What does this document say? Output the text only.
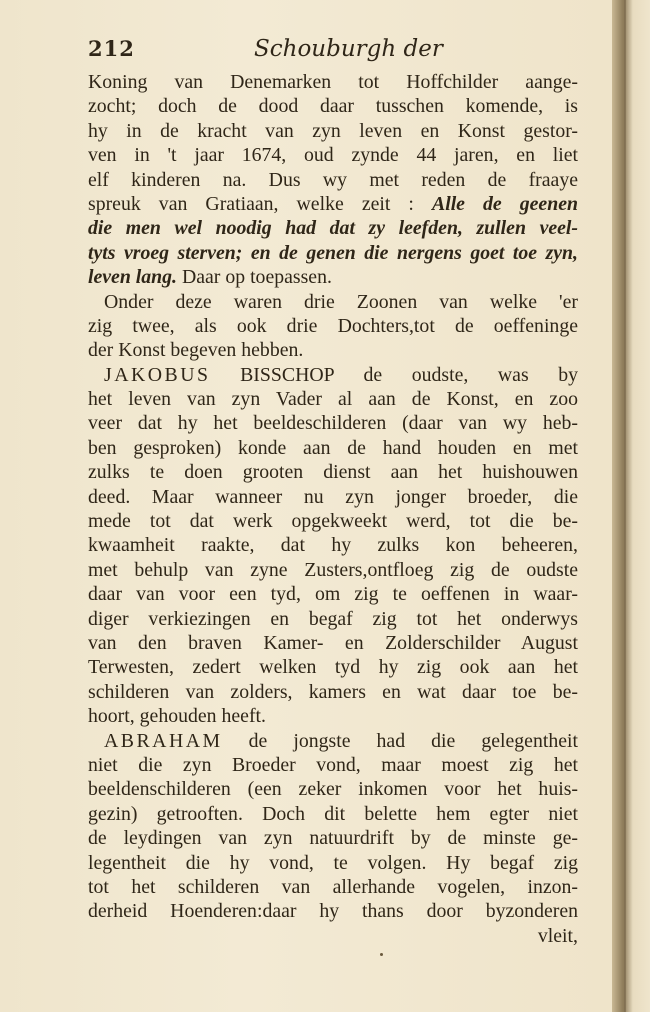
212	Schouburgh der
Koning van Denemarken tot Hoffchilder aange-
zocht; doch de dood daar tusschen komende, is
hy in de kracht van zyn leven en Konst gestor-
ven in 't jaar 1674, oud zynde 44 jaren, en liet
elf kinderen na. Dus wy met reden de fraaye
spreuk van Gratiaan, welke zeit : Alle de geenen
die men wel noodig had dat zy leefden, zullen veel-
tyts vroeg sterven; en de genen die nergens goet toe zyn,
leven lang. Daar op toepassen.
Onder deze waren drie Zoonen van welke 'er
zig twee, als ook drie Dochters,tot de oeffeninge
der Konst begeven hebben.
JAKOBUS BISSCHOP de oudste, was by
het leven van zyn Vader al aan de Konst, en zoo
veer dat hy het beeldeschilderen (daar van wy heb-
ben gesproken) konde aan de hand houden en met
zulks te doen grooten dienst aan het huishouwen
deed. Maar wanneer nu zyn jonger broeder, die
mede tot dat werk opgekweekt werd, tot die be-
kwaamheit raakte, dat hy zulks kon beheeren,
met behulp van zyne Zusters,ontfloeg zig de oudste
daar van voor een tyd, om zig te oeffenen in waar-
diger verkiezingen en begaf zig tot het onderwys
van den braven Kamer- en Zolderschilder August
Terwesten, zedert welken tyd hy zig ook aan het
schilderen van zolders, kamers en wat daar toe be-
hoort, gehouden heeft.
ABRAHAM de jongste had die gelegentheit
niet die zyn Broeder vond, maar moest zig het
beeldenschilderen (een zeker inkomen voor het huis-
gezin) getrooften. Doch dit belette hem egter niet
de leydingen van zyn natuurdrift by de minste ge-
legentheit die hy vond, te volgen. Hy begaf zig
tot het schilderen van allerhande vogelen, inzon-
derheid Hoenderen:daar hy thans door byzonderen
vleit,
